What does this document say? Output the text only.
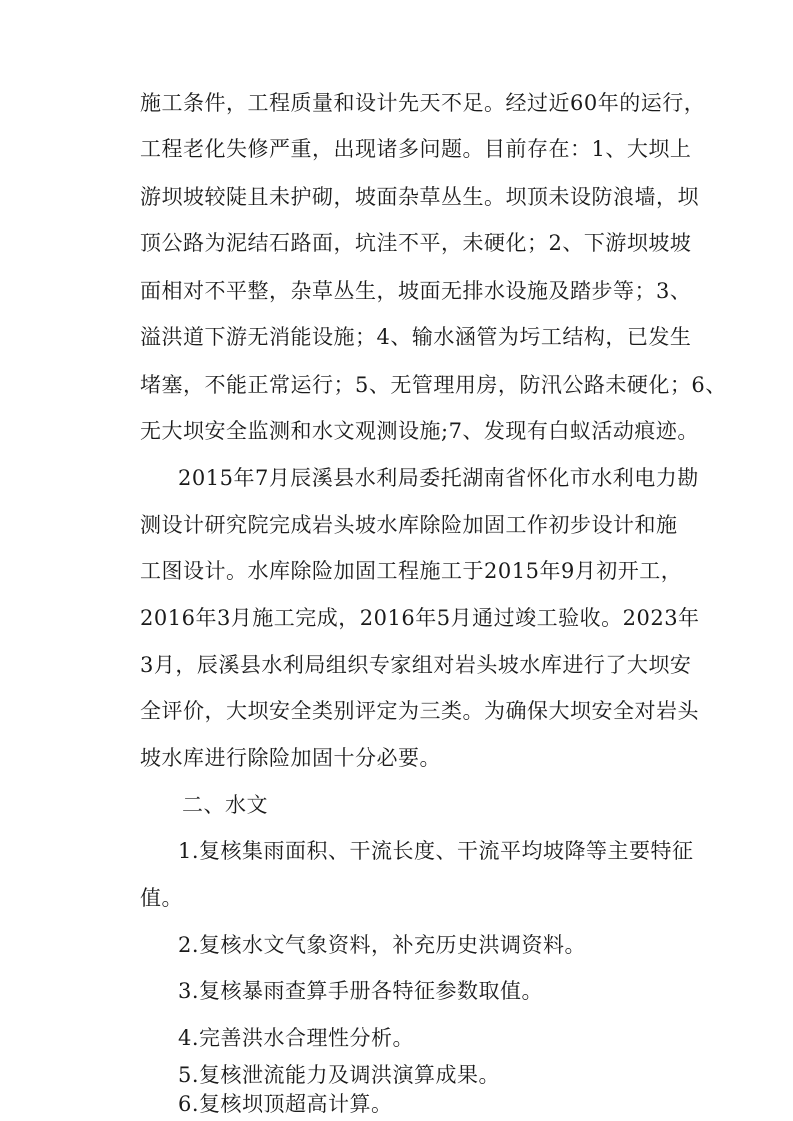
施工条件，工程质量和设计先天不足。经过近60年的运行，
工程老化失修严重，出现诸多问题。目前存在：1、大坝上
游坝坡较陡且未护砌，坡面杂草丛生。坝顶未设防浪墙，坝
顶公路为泥结石路面，坑洼不平，未硬化；2、下游坝坡坡
面相对不平整，杂草丛生，坡面无排水设施及踏步等；3、
溢洪道下游无消能设施；4、输水涵管为圬工结构，已发生
堵塞，不能正常运行；5、无管理用房，防汛公路未硬化；6、
无大坝安全监测和水文观测设施;7、发现有白蚁活动痕迹。
2015年7月辰溪县水利局委托湖南省怀化市水利电力勘
测设计研究院完成岩头坡水库除险加固工作初步设计和施
工图设计。水库除险加固工程施工于2015年9月初开工，
2016年3月施工完成，2016年5月通过竣工验收。2023年
3月，辰溪县水利局组织专家组对岩头坡水库进行了大坝安
全评价，大坝安全类别评定为三类。为确保大坝安全对岩头
坡水库进行除险加固十分必要。
二、水文
1.复核集雨面积、干流长度、干流平均坡降等主要特征
值。
2.复核水文气象资料，补充历史洪调资料。
3.复核暴雨查算手册各特征参数取值。
4.完善洪水合理性分析。
5.复核泄流能力及调洪演算成果。
6.复核坝顶超高计算。
